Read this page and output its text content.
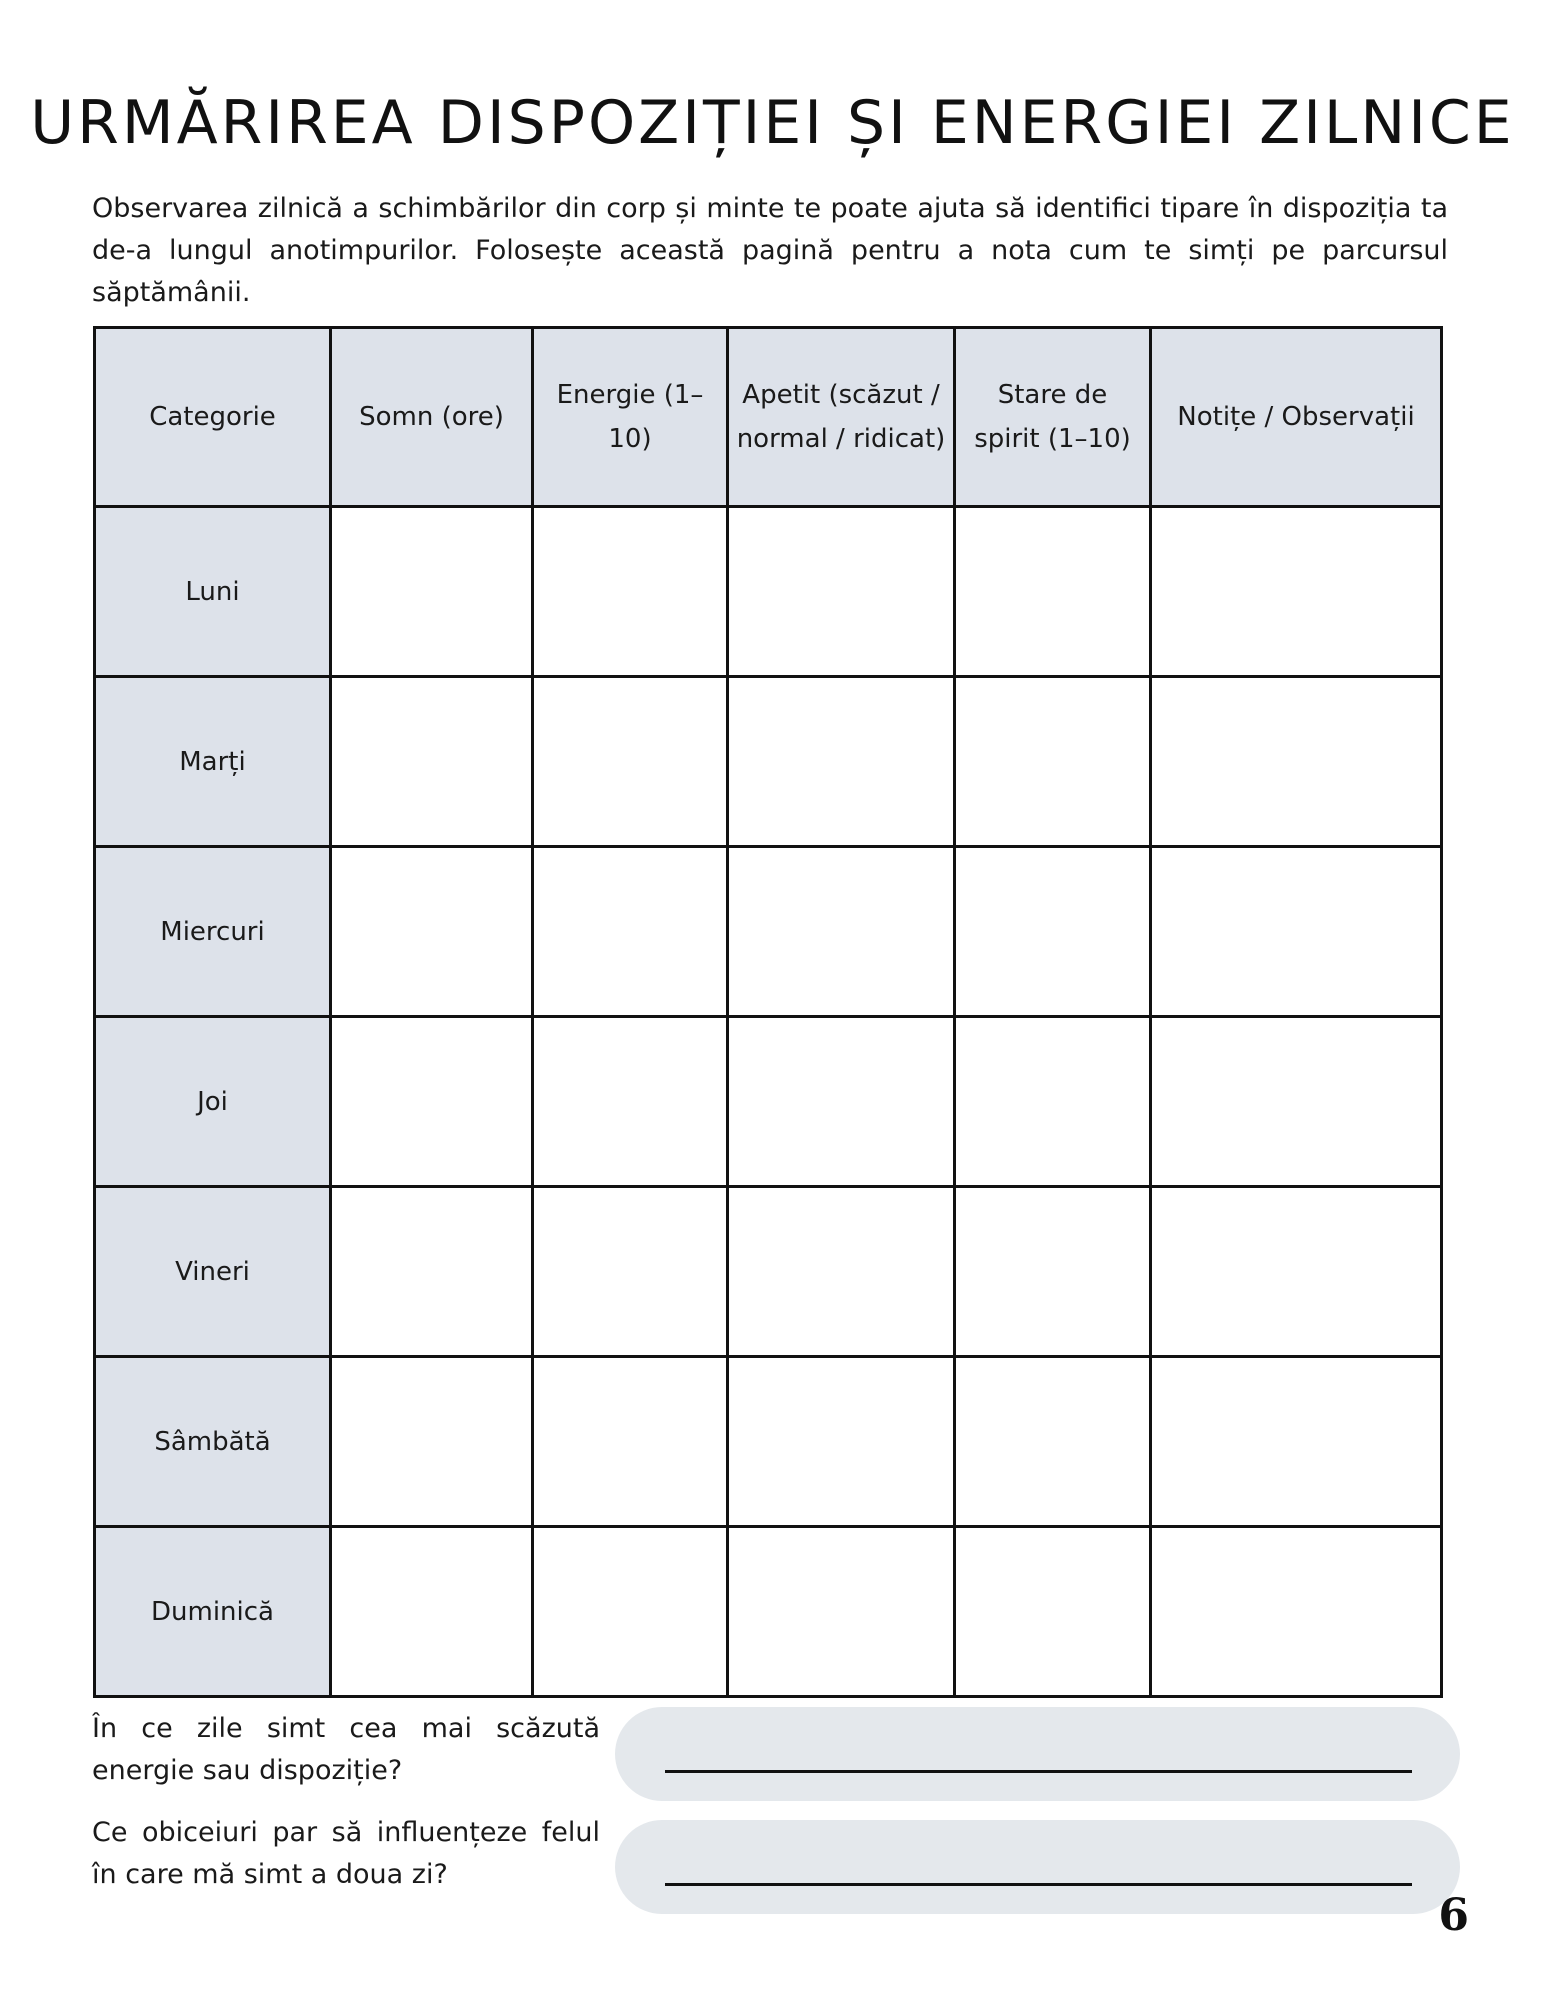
URMĂRIREA DISPOZIȚIEI ȘI ENERGIEI ZILNICE

Observarea zilnică a schimbărilor din corp și minte te poate ajuta să identifici tipare în dispoziția ta de-a lungul anotimpurilor. Folosește această pagină pentru a nota cum te simți pe parcursul săptămânii.

Categorie	Somn (ore)	Energie (1–10)	Apetit (scăzut / normal / ridicat)	Stare de spirit (1–10)	Notițe / Observații
Luni					
Marți					
Miercuri					
Joi					
Vineri					
Sâmbătă					
Duminică					

În ce zile simt cea mai scăzută energie sau dispoziție?

Ce obiceiuri par să influențeze felul în care mă simt a doua zi?

6
